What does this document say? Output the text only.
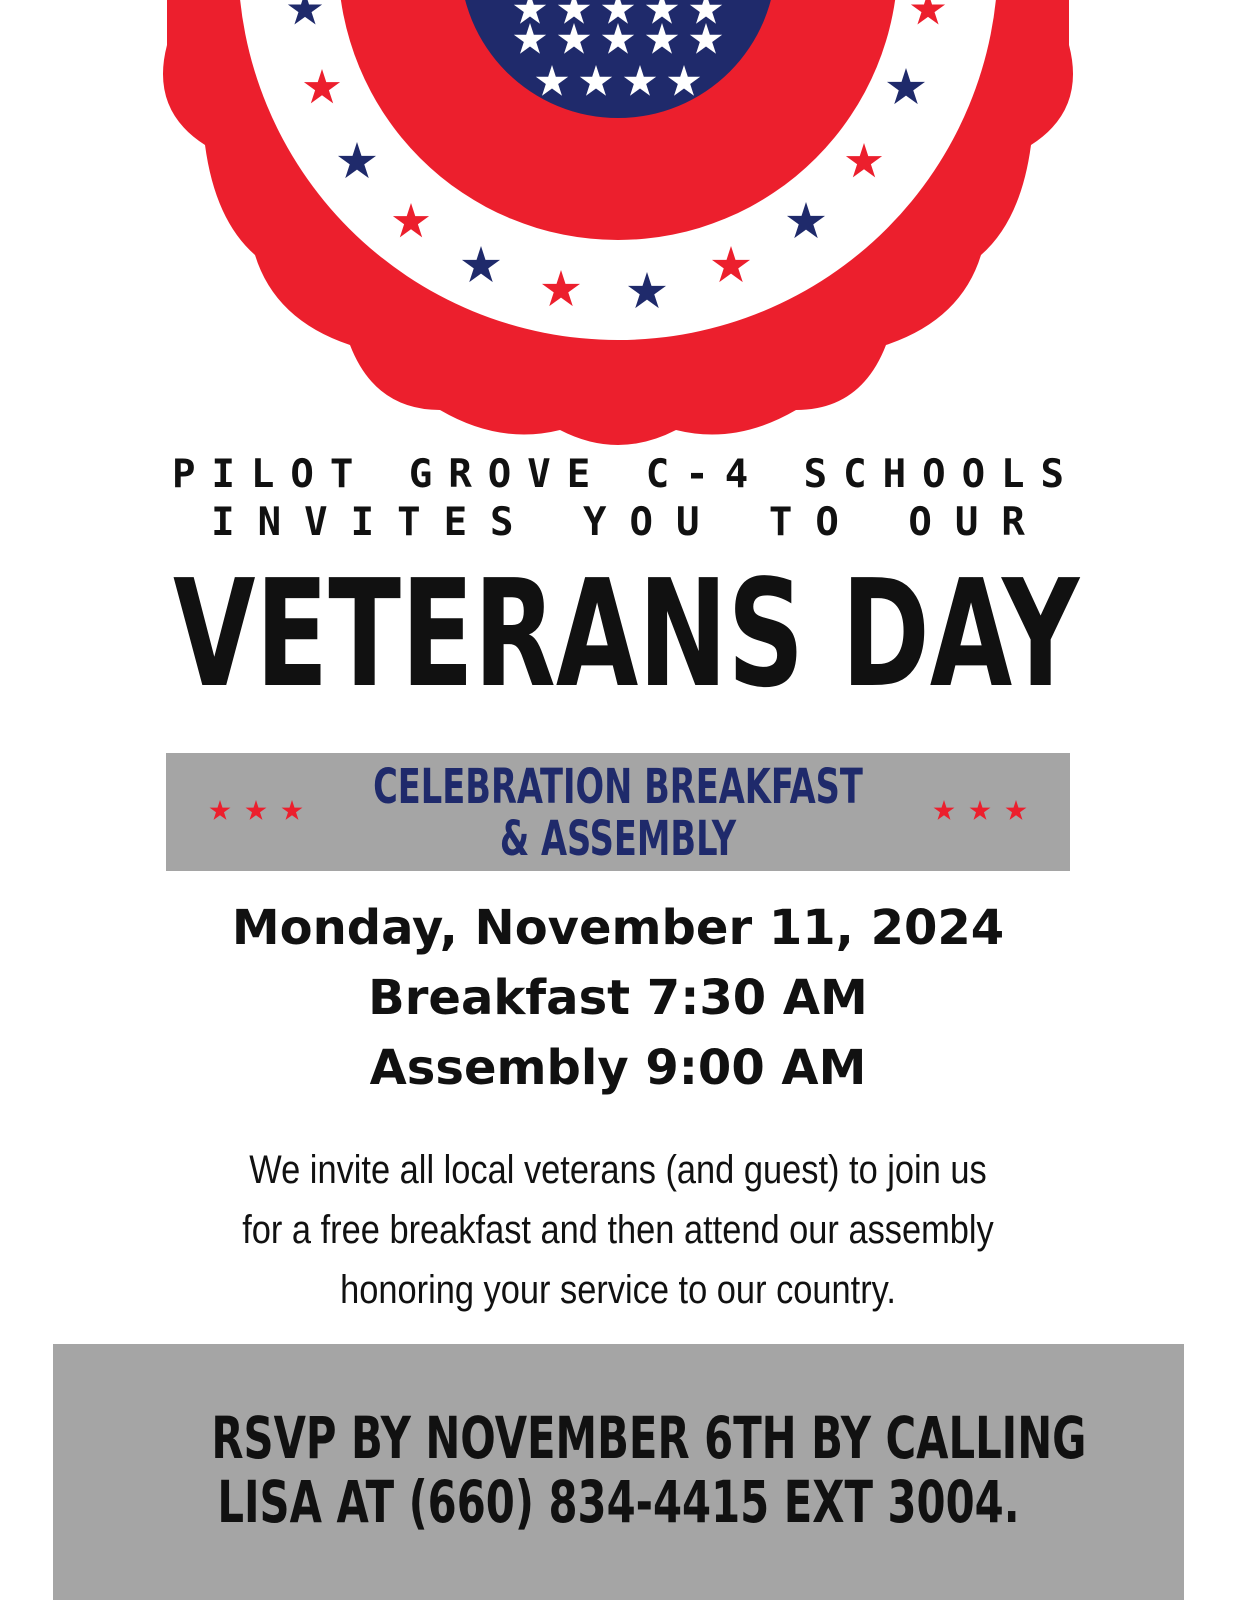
PILOT GROVE C-4 SCHOOLS

INVITES YOU TO OUR

VETERANS DAY
CELEBRATION BREAKFAST
& ASSEMBLY
Monday, November 11, 2024
Breakfast 7:30 AM
Assembly 9:00 AM

We invite all local veterans (and guest) to join us for a free breakfast and then attend our assembly honoring your service to our country.

RSVP BY NOVEMBER 6TH BY CALLING
LISA AT (660) 834-4415 EXT 3004.
